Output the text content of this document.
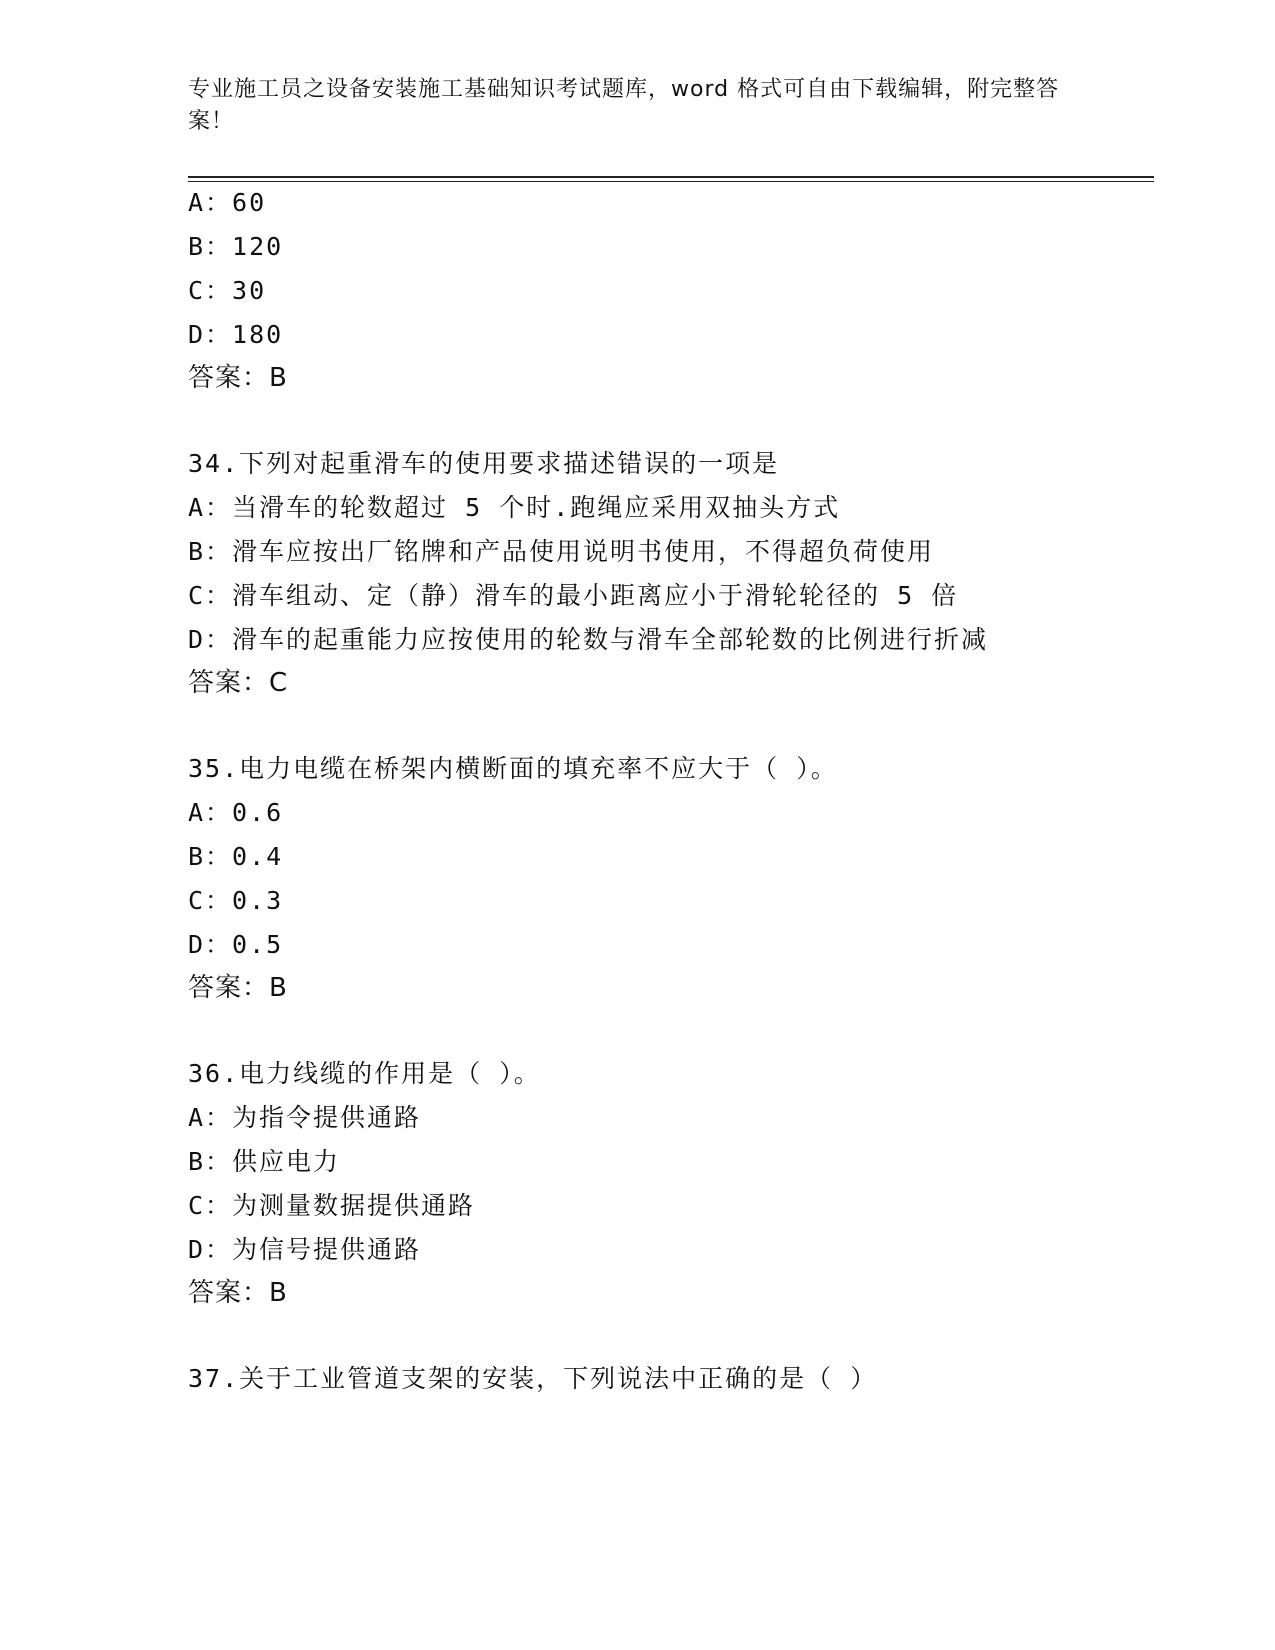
专业施工员之设备安装施工基础知识考试题库，word 格式可自由下载编辑，附完整答案！
A：60
B：120
C：30
D：180
答案：B
34.下列对起重滑车的使用要求描述错误的一项是
A：当滑车的轮数超过 5 个时.跑绳应采用双抽头方式
B：滑车应按出厂铭牌和产品使用说明书使用，不得超负荷使用
C：滑车组动、定（静）滑车的最小距离应小于滑轮轮径的 5 倍
D：滑车的起重能力应按使用的轮数与滑车全部轮数的比例进行折减
答案：C
35.电力电缆在桥架内横断面的填充率不应大于（ ）。
A：0.6
B：0.4
C：0.3
D：0.5
答案：B
36.电力线缆的作用是（ ）。
A：为指令提供通路
B：供应电力
C：为测量数据提供通路
D：为信号提供通路
答案：B
37.关于工业管道支架的安装，下列说法中正确的是（ ）
